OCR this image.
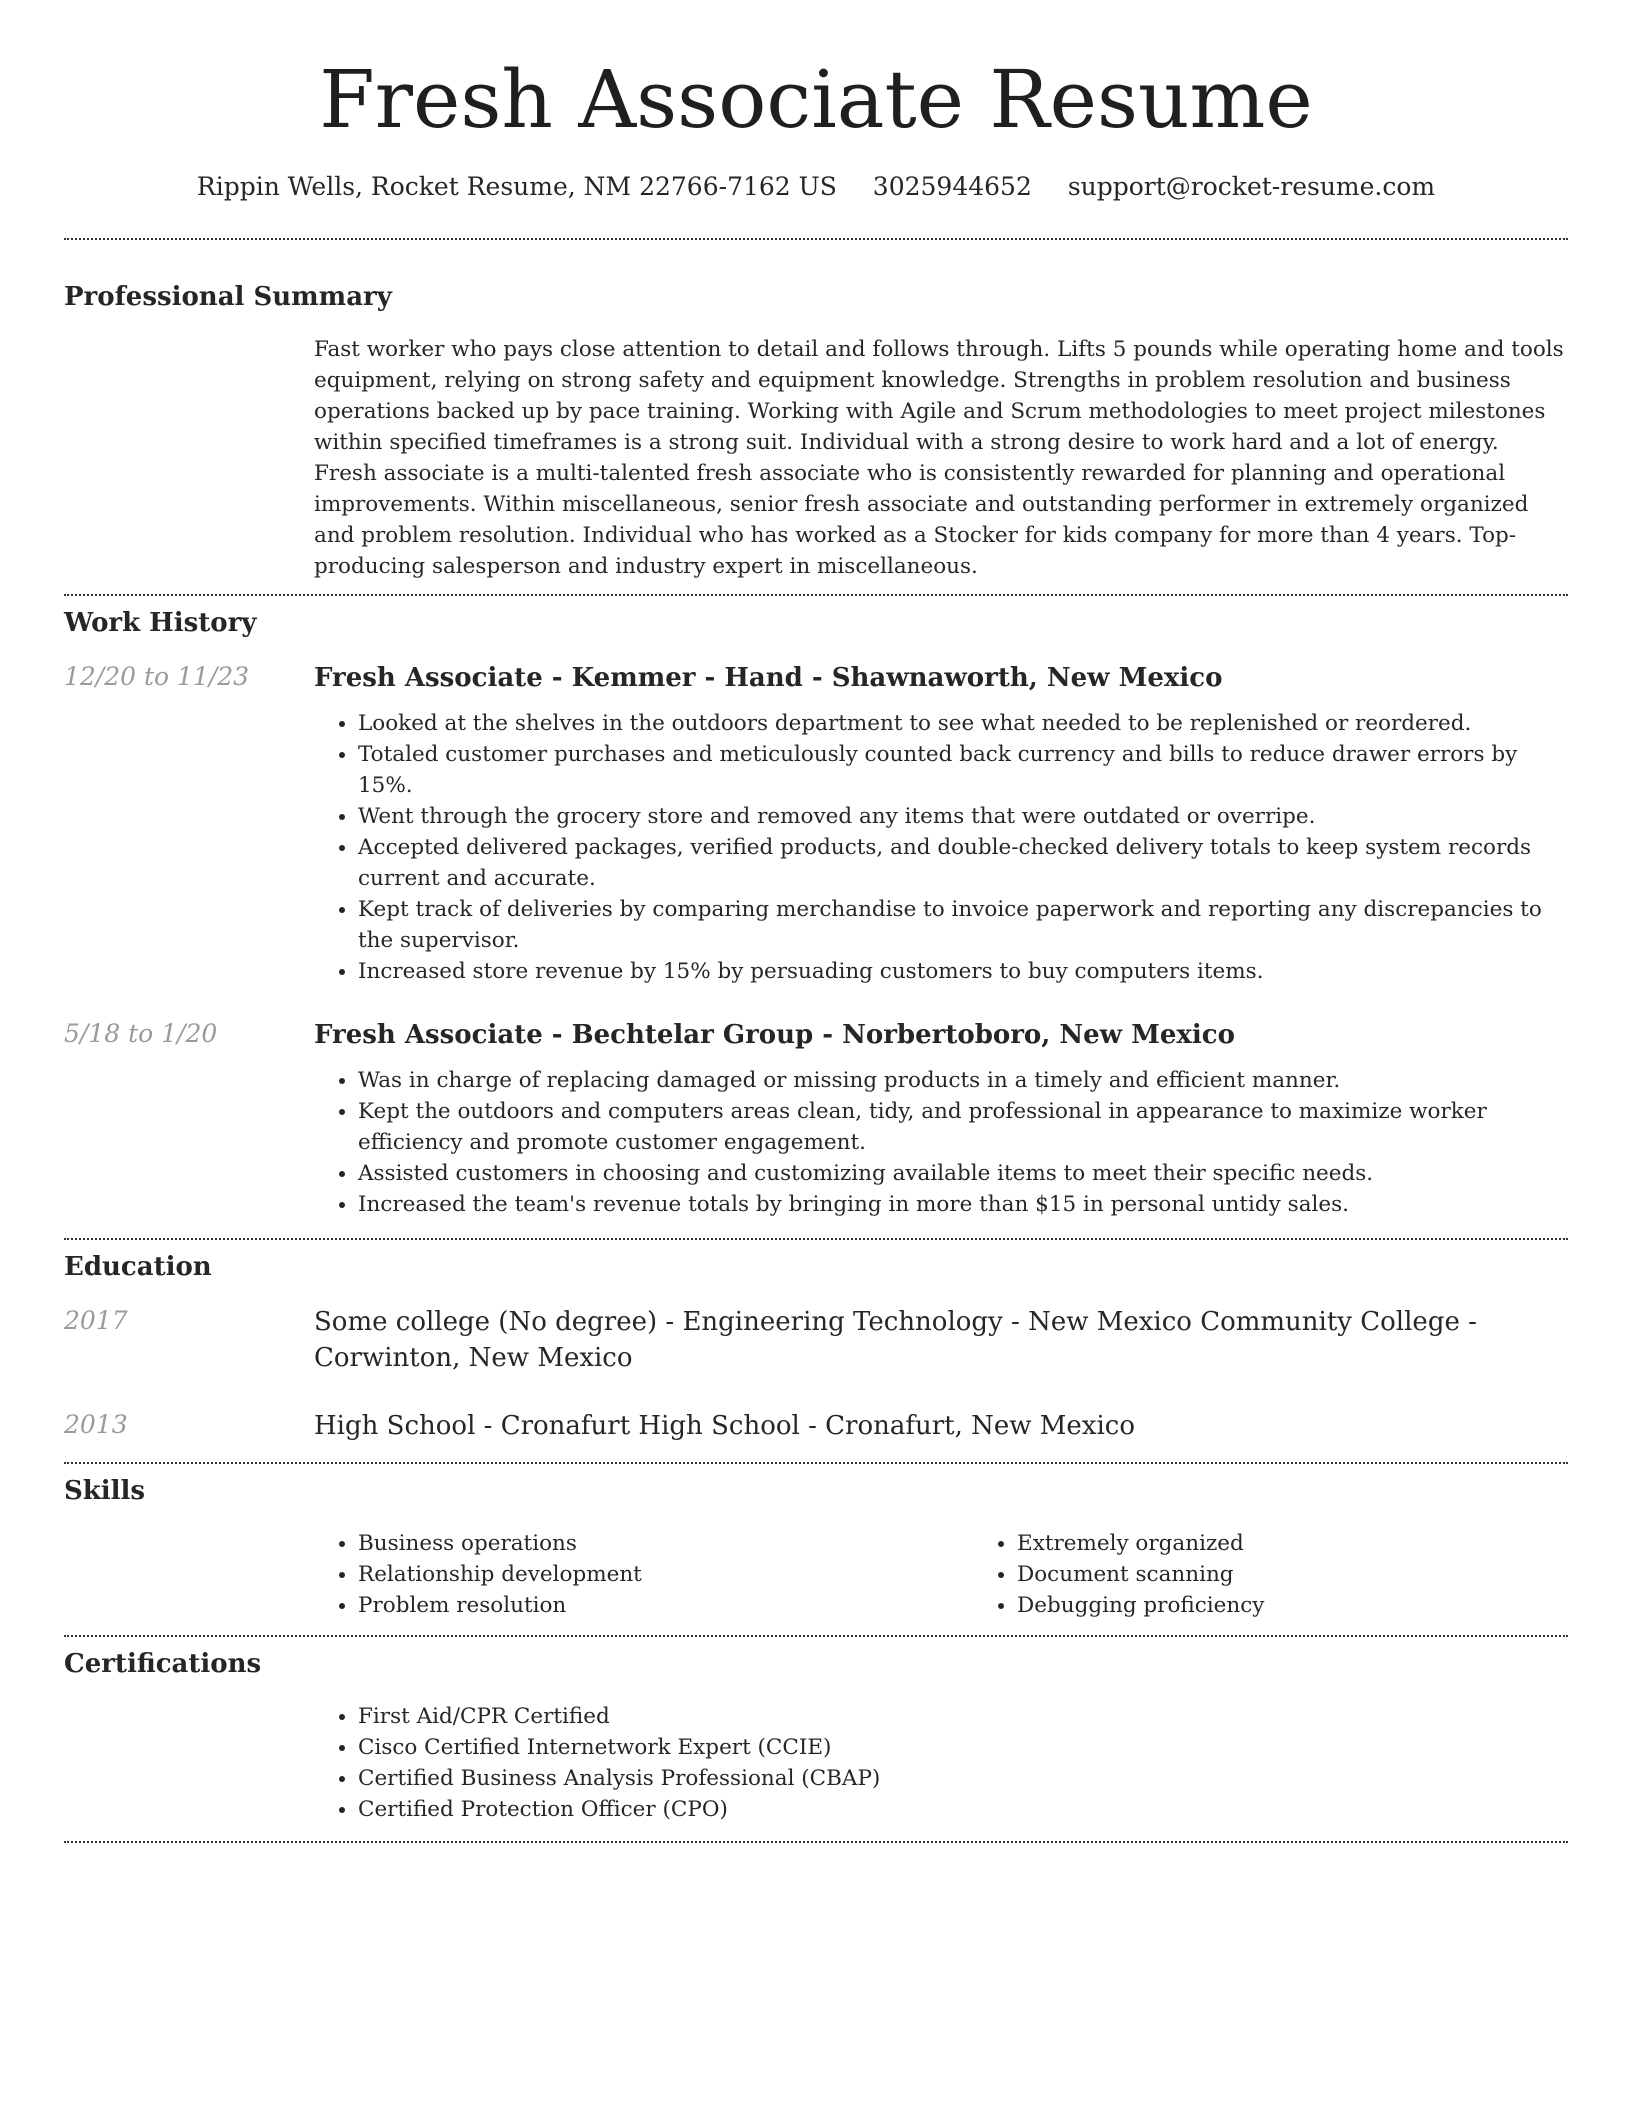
Fresh Associate Resume
Rippin Wells, Rocket Resume, NM 22766-7162 US 3025944652 support@rocket-resume.com
Professional Summary

Fast worker who pays close attention to detail and follows through. Lifts 5 pounds while operating home and tools equipment, relying on strong safety and equipment knowledge. Strengths in problem resolution and business operations backed up by pace training. Working with Agile and Scrum methodologies to meet project milestones within specified timeframes is a strong suit. Individual with a strong desire to work hard and a lot of energy. Fresh associate is a multi-talented fresh associate who is consistently rewarded for planning and operational improvements. Within miscellaneous, senior fresh associate and outstanding performer in extremely organized and problem resolution. Individual who has worked as a Stocker for kids company for more than 4 years. Top-producing salesperson and industry expert in miscellaneous.

Work History
12/20 to 11/23	Fresh Associate - Kemmer - Hand - Shawnaworth, New Mexico
• Looked at the shelves in the outdoors department to see what needed to be replenished or reordered.
• Totaled customer purchases and meticulously counted back currency and bills to reduce drawer errors by 15%.
• Went through the grocery store and removed any items that were outdated or overripe.
• Accepted delivered packages, verified products, and double-checked delivery totals to keep system records current and accurate.
• Kept track of deliveries by comparing merchandise to invoice paperwork and reporting any discrepancies to the supervisor.
• Increased store revenue by 15% by persuading customers to buy computers items.
5/18 to 1/20	Fresh Associate - Bechtelar Group - Norbertoboro, New Mexico
• Was in charge of replacing damaged or missing products in a timely and efficient manner.
• Kept the outdoors and computers areas clean, tidy, and professional in appearance to maximize worker efficiency and promote customer engagement.
• Assisted customers in choosing and customizing available items to meet their specific needs.
• Increased the team's revenue totals by bringing in more than $15 in personal untidy sales.
Education
2017	Some college (No degree) - Engineering Technology - New Mexico Community College - Corwinton, New Mexico
2013	High School - Cronafurt High School - Cronafurt, New Mexico
Skills
• Business operations
• Relationship development
• Problem resolution
• Extremely organized
• Document scanning
• Debugging proficiency
Certifications
• First Aid/CPR Certified
• Cisco Certified Internetwork Expert (CCIE)
• Certified Business Analysis Professional (CBAP)
• Certified Protection Officer (CPO)
